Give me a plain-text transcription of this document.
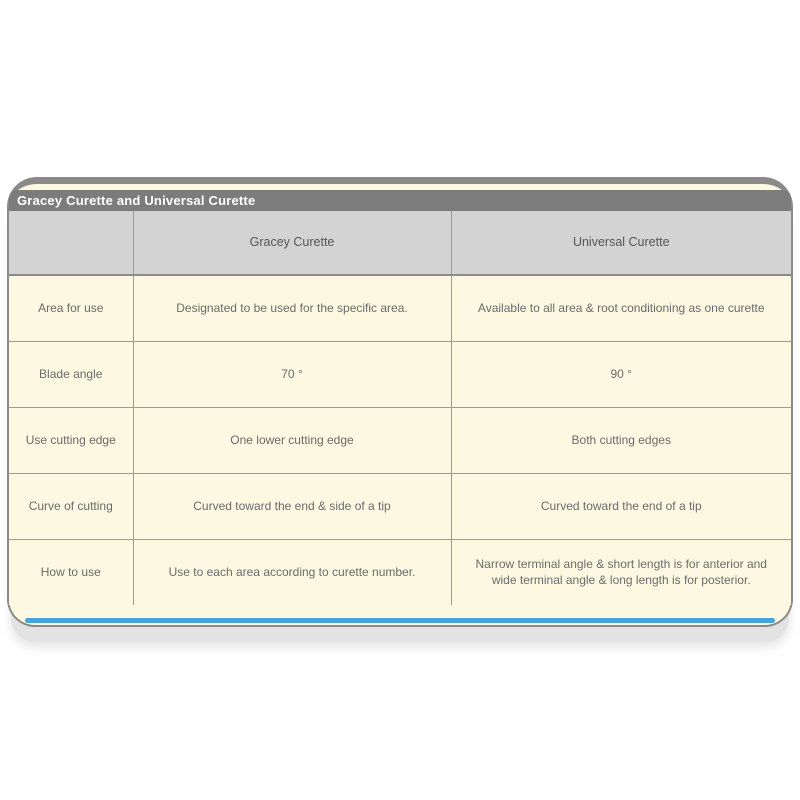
Gracey Curette and Universal Curette
	Gracey Curette	Universal Curette
Area for use	Designated to be used for the specific area.	Available to all area & root conditioning as one curette
Blade angle	70 °	90 °
Use cutting edge	One lower cutting edge	Both cutting edges
Curve of cutting	Curved toward the end & side of a tip	Curved toward the end of a tip
How to use	Use to each area according to curette number.	Narrow terminal angle & short length is for anterior and wide terminal angle & long length is for posterior.
